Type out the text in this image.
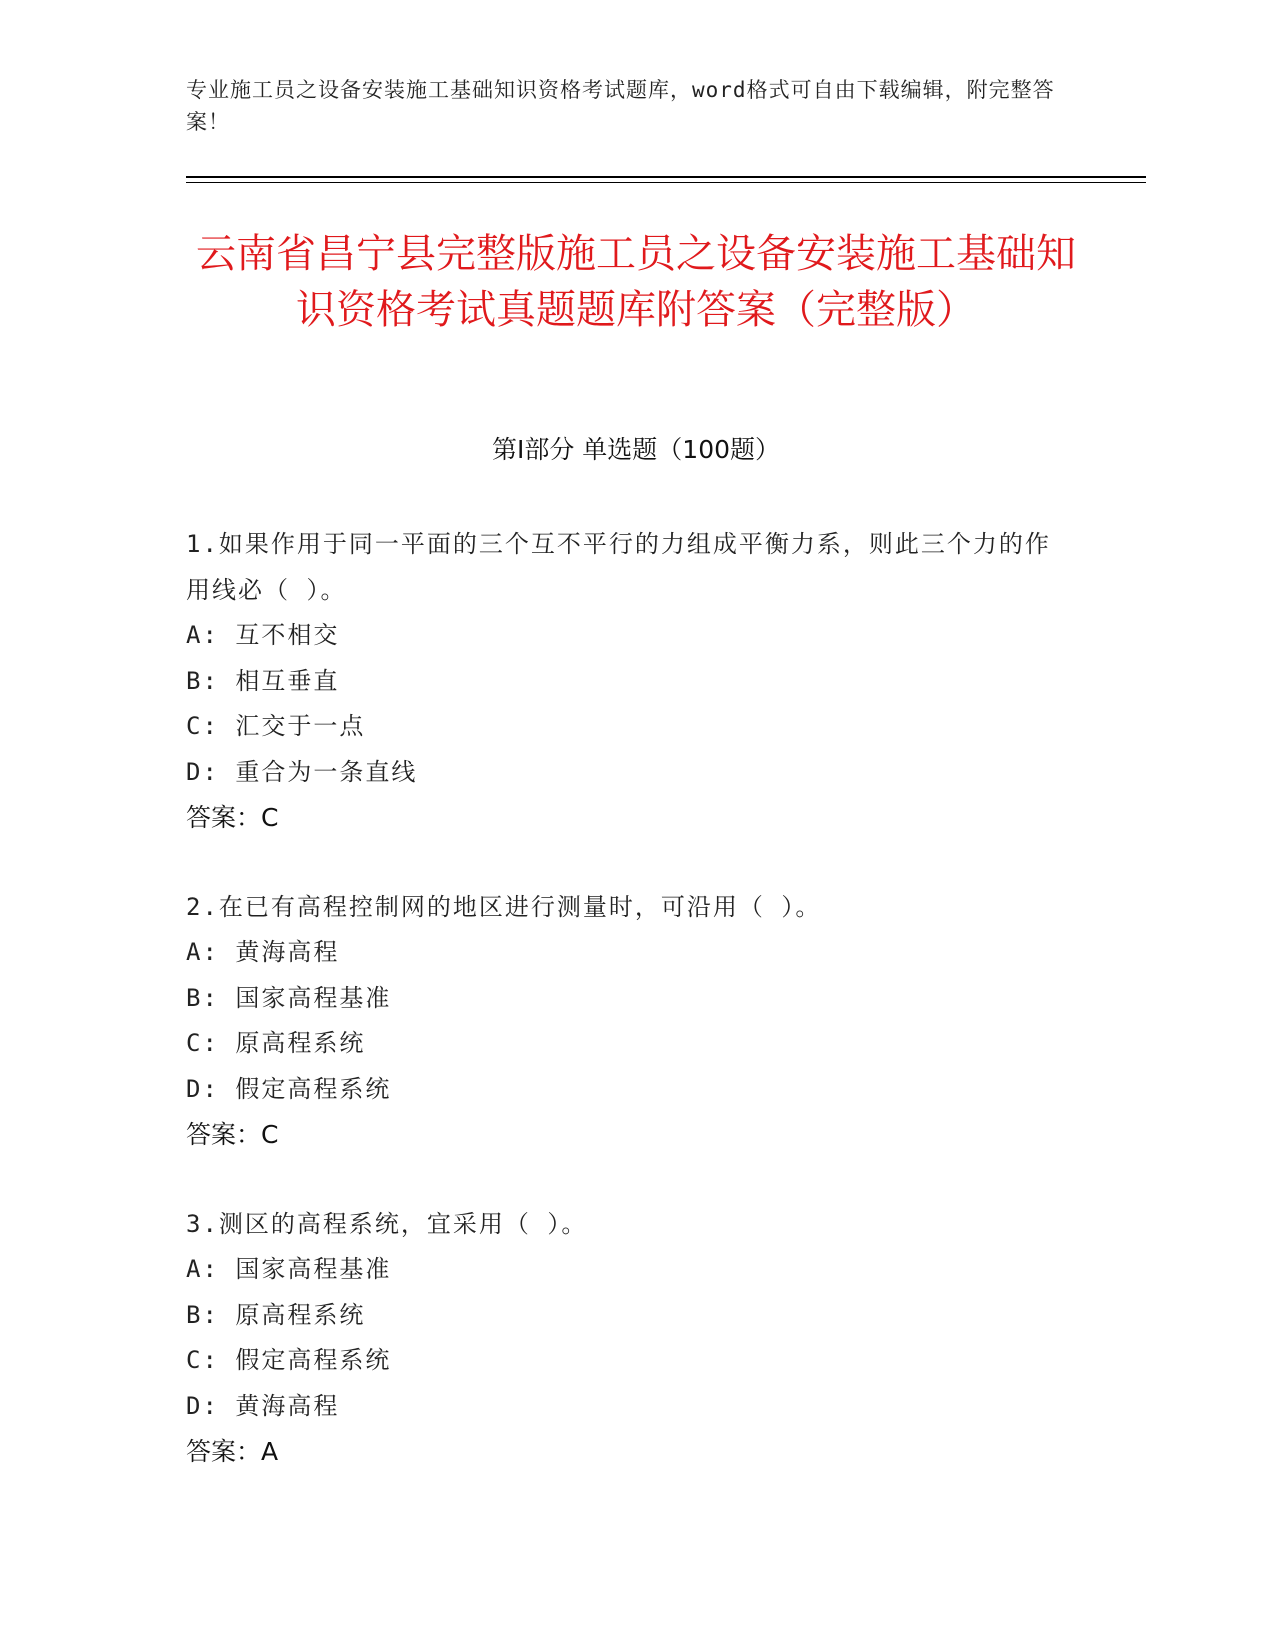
专业施工员之设备安装施工基础知识资格考试题库，word格式可自由下载编辑，附完整答案！
云南省昌宁县完整版施工员之设备安装施工基础知识资格考试真题题库附答案（完整版）
第Ⅰ部分 单选题（100题）
1.如果作用于同一平面的三个互不平行的力组成平衡力系，则此三个力的作用线必（ ）。
A: 互不相交
B: 相互垂直
C: 汇交于一点
D: 重合为一条直线
答案：C
2.在已有高程控制网的地区进行测量时，可沿用（ ）。
A: 黄海高程
B: 国家高程基准
C: 原高程系统
D: 假定高程系统
答案：C
3.测区的高程系统，宜采用（ ）。
A: 国家高程基准
B: 原高程系统
C: 假定高程系统
D: 黄海高程
答案：A
